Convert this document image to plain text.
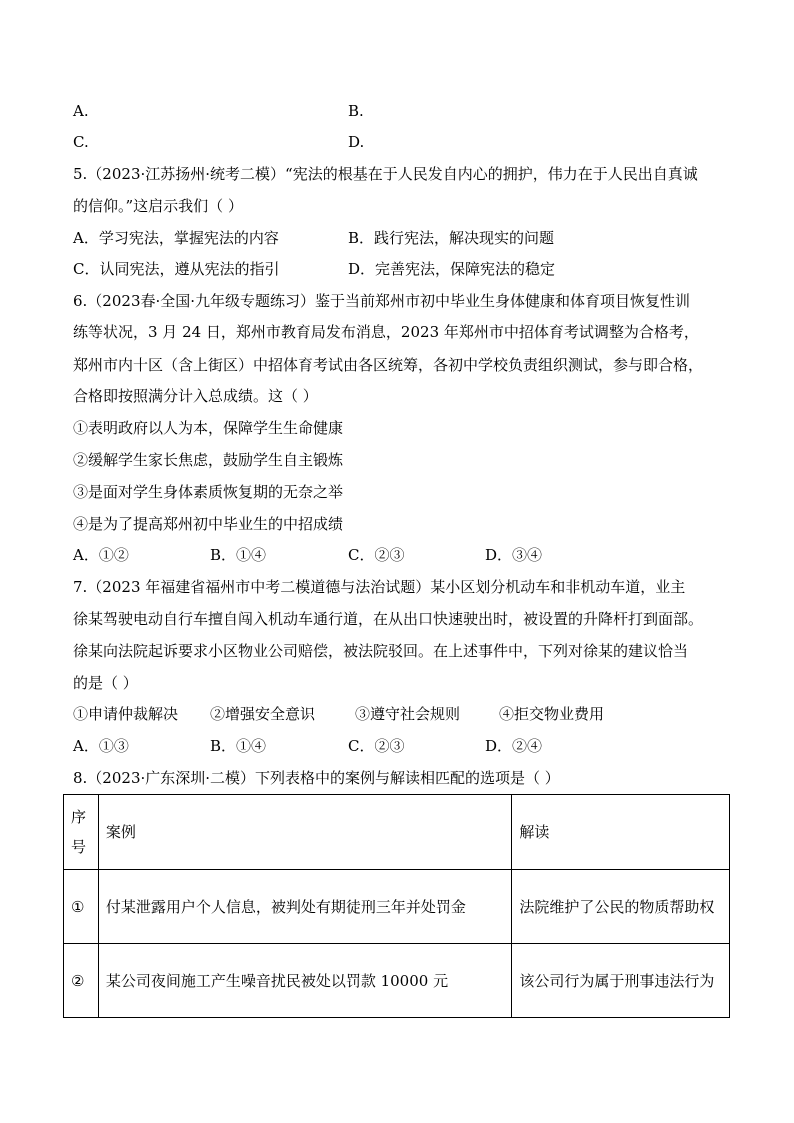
A.	B.
C.	D.
5.（2023·江苏扬州·统考二模）“宪法的根基在于人民发自内心的拥护，伟力在于人民出自真诚
的信仰。”这启示我们（ ）
A．学习宪法，掌握宪法的内容	B．践行宪法，解决现实的问题
C．认同宪法，遵从宪法的指引	D．完善宪法，保障宪法的稳定
6.（2023春·全国·九年级专题练习）鉴于当前郑州市初中毕业生身体健康和体育项目恢复性训
练等状况，3 月 24 日，郑州市教育局发布消息，2023 年郑州市中招体育考试调整为合格考，
郑州市内十区（含上街区）中招体育考试由各区统筹，各初中学校负责组织测试，参与即合格，
合格即按照满分计入总成绩。这（ ）
①表明政府以人为本，保障学生生命健康
②缓解学生家长焦虑，鼓励学生自主锻炼
③是面对学生身体素质恢复期的无奈之举
④是为了提高郑州初中毕业生的中招成绩
A．①②	B．①④	C．②③	D．③④
7.（2023 年福建省福州市中考二模道德与法治试题）某小区划分机动车和非机动车道，业主
徐某驾驶电动自行车擅自闯入机动车通行道，在从出口快速驶出时，被设置的升降杆打到面部。
徐某向法院起诉要求小区物业公司赔偿，被法院驳回。在上述事件中，下列对徐某的建议恰当
的是（ ）
①申请仲裁解决 ②增强安全意识	③遵守社会规则	④拒交物业费用
A．①③	B．①④	C．②③	D．②④
8.（2023·广东深圳·二模）下列表格中的案例与解读相匹配的选项是（ ）
序号	案例	解读
①	付某泄露用户个人信息，被判处有期徒刑三年并处罚金	法院维护了公民的物质帮助权
②	某公司夜间施工产生噪音扰民被处以罚款 10000 元	该公司行为属于刑事违法行为
